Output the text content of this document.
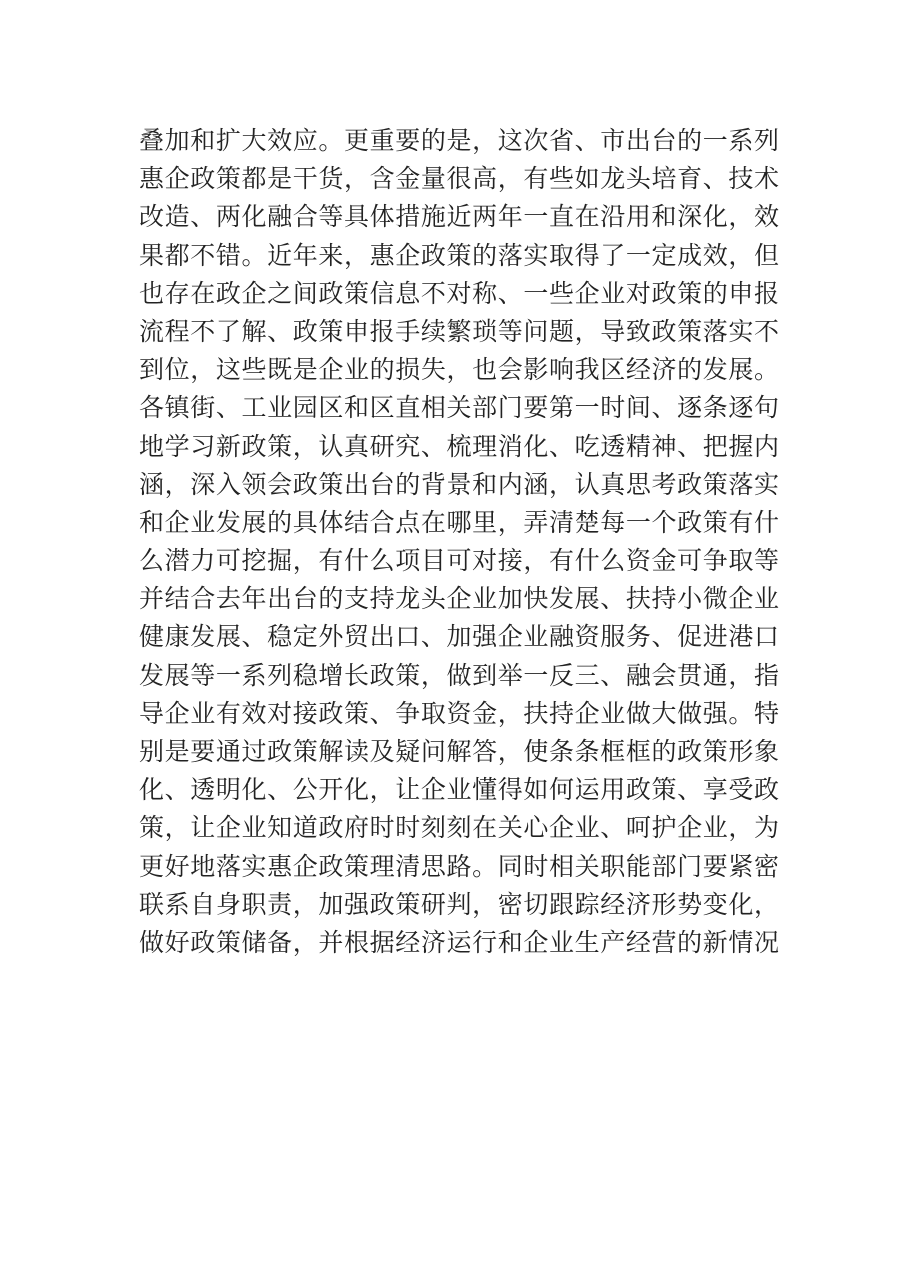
叠加和扩大效应。更重要的是，这次省、市出台的一系列
惠企政策都是干货，含金量很高，有些如龙头培育、技术
改造、两化融合等具体措施近两年一直在沿用和深化，效
果都不错。近年来，惠企政策的落实取得了一定成效，但
也存在政企之间政策信息不对称、一些企业对政策的申报
流程不了解、政策申报手续繁琐等问题，导致政策落实不
到位，这些既是企业的损失，也会影响我区经济的发展。
各镇街、工业园区和区直相关部门要第一时间、逐条逐句
地学习新政策，认真研究、梳理消化、吃透精神、把握内
涵，深入领会政策出台的背景和内涵，认真思考政策落实
和企业发展的具体结合点在哪里，弄清楚每一个政策有什
么潜力可挖掘，有什么项目可对接，有什么资金可争取等
并结合去年出台的支持龙头企业加快发展、扶持小微企业
健康发展、稳定外贸出口、加强企业融资服务、促进港口
发展等一系列稳增长政策，做到举一反三、融会贯通，指
导企业有效对接政策、争取资金，扶持企业做大做强。特
别是要通过政策解读及疑问解答，使条条框框的政策形象
化、透明化、公开化，让企业懂得如何运用政策、享受政
策，让企业知道政府时时刻刻在关心企业、呵护企业，为
更好地落实惠企政策理清思路。同时相关职能部门要紧密
联系自身职责，加强政策研判，密切跟踪经济形势变化，
做好政策储备，并根据经济运行和企业生产经营的新情况
